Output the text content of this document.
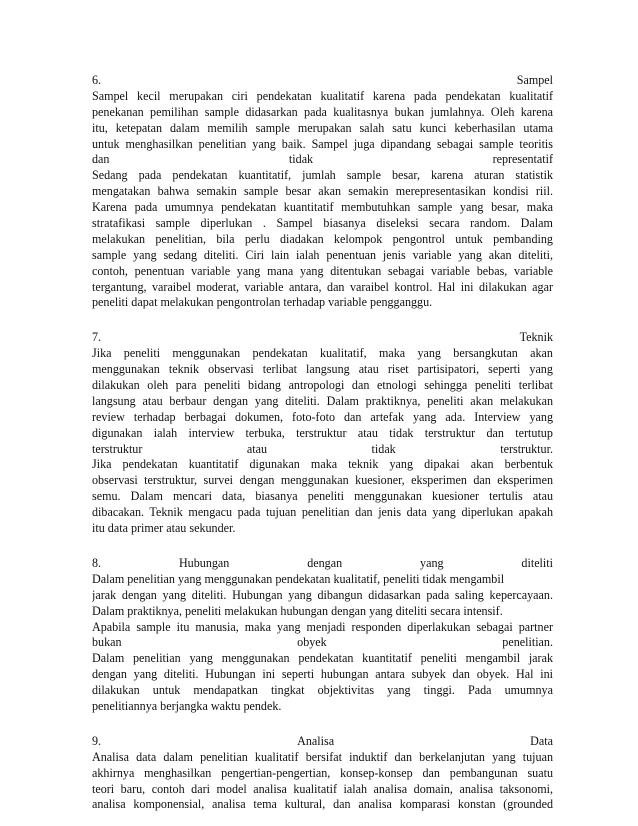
6.	Sampel
Sampel kecil merupakan ciri pendekatan kualitatif karena pada pendekatan kualitatif
penekanan pemilihan sample didasarkan pada kualitasnya bukan jumlahnya. Oleh karena
itu, ketepatan dalam memilih sample merupakan salah satu kunci keberhasilan utama
untuk menghasilkan penelitian yang baik. Sampel juga dipandang sebagai sample teoritis
dan	tidak	representatif
Sedang pada pendekatan kuantitatif, jumlah sample besar, karena aturan statistik
mengatakan bahwa semakin sample besar akan semakin merepresentasikan kondisi riil.
Karena pada umumnya pendekatan kuantitatif membutuhkan sample yang besar, maka
stratafikasi sample diperlukan . Sampel biasanya diseleksi secara random. Dalam
melakukan penelitian, bila perlu diadakan kelompok pengontrol untuk pembanding
sample yang sedang diteliti. Ciri lain ialah penentuan jenis variable yang akan diteliti,
contoh, penentuan variable yang mana yang ditentukan sebagai variable bebas, variable
tergantung, varaibel moderat, variable antara, dan varaibel kontrol. Hal ini dilakukan agar
peneliti dapat melakukan pengontrolan terhadap variable pengganggu.
7.	Teknik
Jika peneliti menggunakan pendekatan kualitatif, maka yang bersangkutan akan
menggunakan teknik observasi terlibat langsung atau riset partisipatori, seperti yang
dilakukan oleh para peneliti bidang antropologi dan etnologi sehingga peneliti terlibat
langsung atau berbaur dengan yang diteliti. Dalam praktiknya, peneliti akan melakukan
review terhadap berbagai dokumen, foto-foto dan artefak yang ada. Interview yang
digunakan ialah interview terbuka, terstruktur atau tidak terstruktur dan tertutup
terstruktur	atau	tidak	terstruktur.
Jika pendekatan kuantitatif digunakan maka teknik yang dipakai akan berbentuk
observasi terstruktur, survei dengan menggunakan kuesioner, eksperimen dan eksperimen
semu. Dalam mencari data, biasanya peneliti menggunakan kuesioner tertulis atau
dibacakan. Teknik mengacu pada tujuan penelitian dan jenis data yang diperlukan apakah
itu data primer atau sekunder.
8.	Hubungan	dengan	yang	diteliti
Dalam penelitian yang menggunakan pendekatan kualitatif, peneliti tidak mengambil
jarak dengan yang diteliti. Hubungan yang dibangun didasarkan pada saling kepercayaan.
Dalam praktiknya, peneliti melakukan hubungan dengan yang diteliti secara intensif.
Apabila sample itu manusia, maka yang menjadi responden diperlakukan sebagai partner
bukan	obyek	penelitian.
Dalam penelitian yang menggunakan pendekatan kuantitatif peneliti mengambil jarak
dengan yang diteliti. Hubungan ini seperti hubungan antara subyek dan obyek. Hal ini
dilakukan untuk mendapatkan tingkat objektivitas yang tinggi. Pada umumnya
penelitiannya berjangka waktu pendek.
9.	Analisa	Data
Analisa data dalam penelitian kualitatif bersifat induktif dan berkelanjutan yang tujuan
akhirnya menghasilkan pengertian-pengertian, konsep-konsep dan pembangunan suatu
teori baru, contoh dari model analisa kualitatif ialah analisa domain, analisa taksonomi,
analisa komponensial, analisa tema kultural, dan analisa komparasi konstan (grounded
